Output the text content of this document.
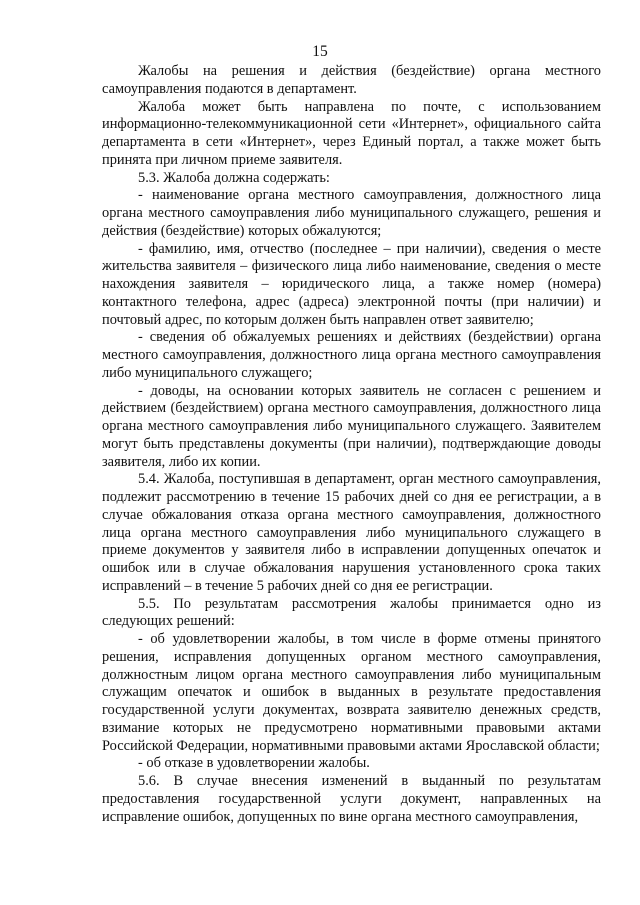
15

Жалобы на решения и действия (бездействие) органа местного самоуправления подаются в департамент.

Жалоба может быть направлена по почте, с использованием информационно-телекоммуникационной сети «Интернет», официального сайта департамента в сети «Интернет», через Единый портал, а также может быть принята при личном приеме заявителя.

5.3. Жалоба должна содержать:

- наименование органа местного самоуправления, должностного лица органа местного самоуправления либо муниципального служащего, решения и действия (бездействие) которых обжалуются;

- фамилию, имя, отчество (последнее – при наличии), сведения о месте жительства заявителя – физического лица либо наименование, сведения о месте нахождения заявителя – юридического лица, а также номер (номера) контактного телефона, адрес (адреса) электронной почты (при наличии) и почтовый адрес, по которым должен быть направлен ответ заявителю;

- сведения об обжалуемых решениях и действиях (бездействии) органа местного самоуправления, должностного лица органа местного самоуправления либо муниципального служащего;

- доводы, на основании которых заявитель не согласен с решением и действием (бездействием) органа местного самоуправления, должностного лица органа местного самоуправления либо муниципального служащего. Заявителем могут быть представлены документы (при наличии), подтверждающие доводы заявителя, либо их копии.

5.4. Жалоба, поступившая в департамент, орган местного самоуправления, подлежит рассмотрению в течение 15 рабочих дней со дня ее регистрации, а в случае обжалования отказа органа местного самоуправления, должностного лица органа местного самоуправления либо муниципального служащего в приеме документов у заявителя либо в исправлении допущенных опечаток и ошибок или в случае обжалования нарушения установленного срока таких исправлений – в течение 5 рабочих дней со дня ее регистрации.

5.5. По результатам рассмотрения жалобы принимается одно из следующих решений:

- об удовлетворении жалобы, в том числе в форме отмены принятого решения, исправления допущенных органом местного самоуправления, должностным лицом органа местного самоуправления либо муниципальным служащим опечаток и ошибок в выданных в результате предоставления государственной услуги документах, возврата заявителю денежных средств, взимание которых не предусмотрено нормативными правовыми актами Российской Федерации, нормативными правовыми актами Ярославской области;

- об отказе в удовлетворении жалобы.

5.6. В случае внесения изменений в выданный по результатам предоставления государственной услуги документ, направленных на исправление ошибок, допущенных по вине органа местного самоуправления,
